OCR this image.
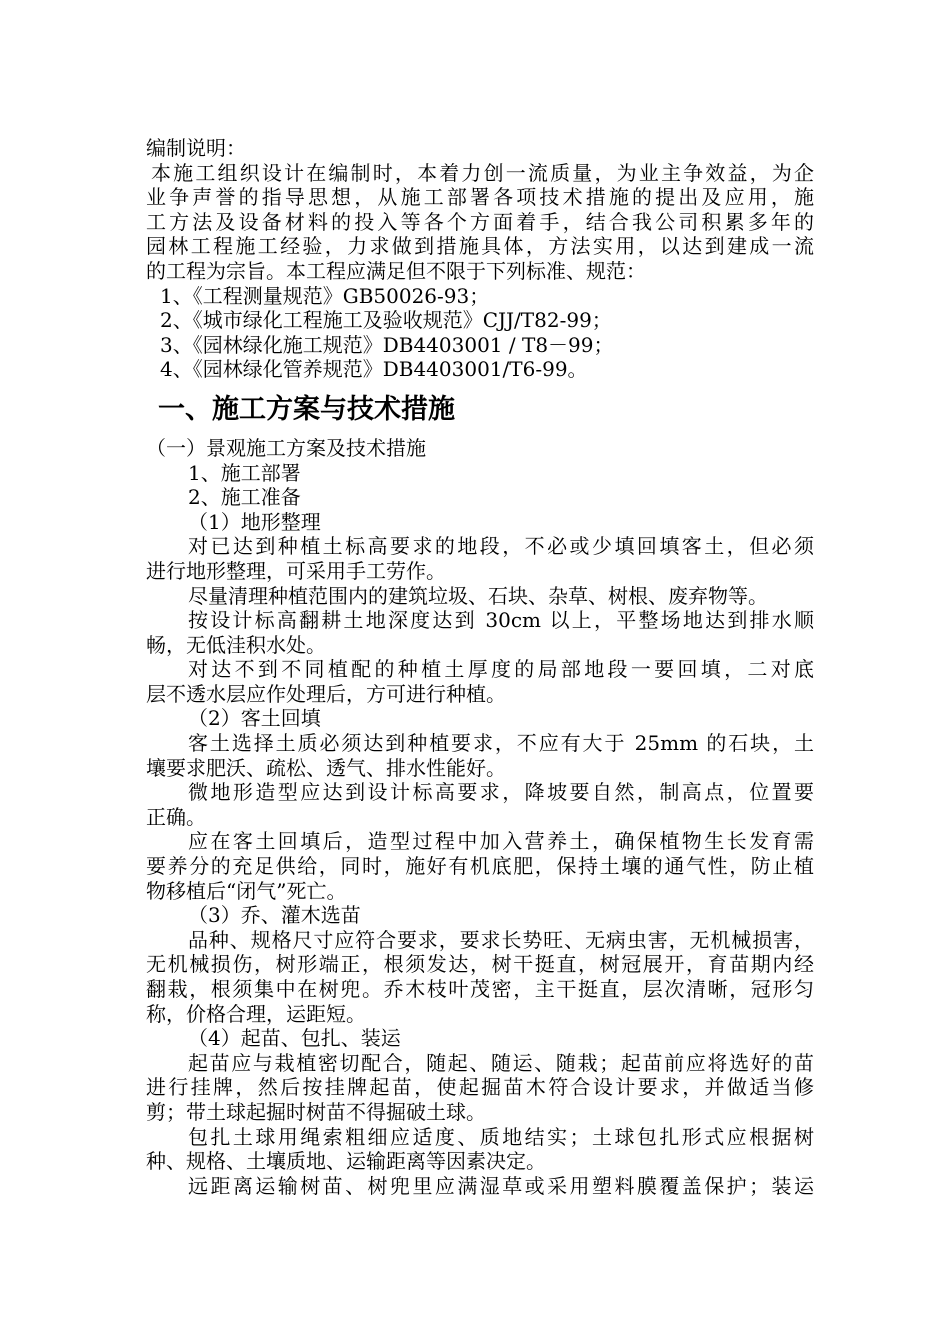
编制说明：
本施工组织设计在编制时，本着力创一流质量，为业主争效益，为企
业争声誉的指导思想，从施工部署各项技术措施的提出及应用，施
工方法及设备材料的投入等各个方面着手，结合我公司积累多年的
园林工程施工经验，力求做到措施具体，方法实用，以达到建成一流
的工程为宗旨。本工程应满足但不限于下列标准、规范：
1、《工程测量规范》GB50026-93；
2、《城市绿化工程施工及验收规范》CJJ/T82-99；
3、《园林绿化施工规范》DB4403001 / T8－99；
4、《园林绿化管养规范》DB4403001/T6-99。
一、施工方案与技术措施
（一）景观施工方案及技术措施
1、施工部署
2、施工准备
（1）地形整理
对已达到种植土标高要求的地段，不必或少填回填客土，但必须
进行地形整理，可采用手工劳作。
尽量清理种植范围内的建筑垃圾、石块、杂草、树根、废弃物等。
按设计标高翻耕土地深度达到 30cm 以上，平整场地达到排水顺
畅，无低洼积水处。
对达不到不同植配的种植土厚度的局部地段一要回填，二对底
层不透水层应作处理后，方可进行种植。
（2）客土回填
客土选择土质必须达到种植要求，不应有大于 25mm 的石块，土
壤要求肥沃、疏松、透气、排水性能好。
微地形造型应达到设计标高要求，降坡要自然，制高点，位置要
正确。
应在客土回填后，造型过程中加入营养土，确保植物生长发育需
要养分的充足供给，同时，施好有机底肥，保持土壤的通气性，防止植
物移植后“闭气”死亡。
（3）乔、灌木选苗
品种、规格尺寸应符合要求，要求长势旺、无病虫害，无机械损害，
无机械损伤，树形端正，根须发达，树干挺直，树冠展开，育苗期内经
翻栽，根须集中在树兜。乔木枝叶茂密，主干挺直，层次清晰，冠形匀
称，价格合理，运距短。
（4）起苗、包扎、装运
起苗应与栽植密切配合，随起、随运、随栽；起苗前应将选好的苗
进行挂牌，然后按挂牌起苗，使起掘苗木符合设计要求，并做适当修
剪；带土球起掘时树苗不得掘破土球。
包扎土球用绳索粗细应适度、质地结实；土球包扎形式应根据树
种、规格、土壤质地、运输距离等因素决定。
远距离运输树苗、树兜里应满湿草或采用塑料膜覆盖保护；装运
